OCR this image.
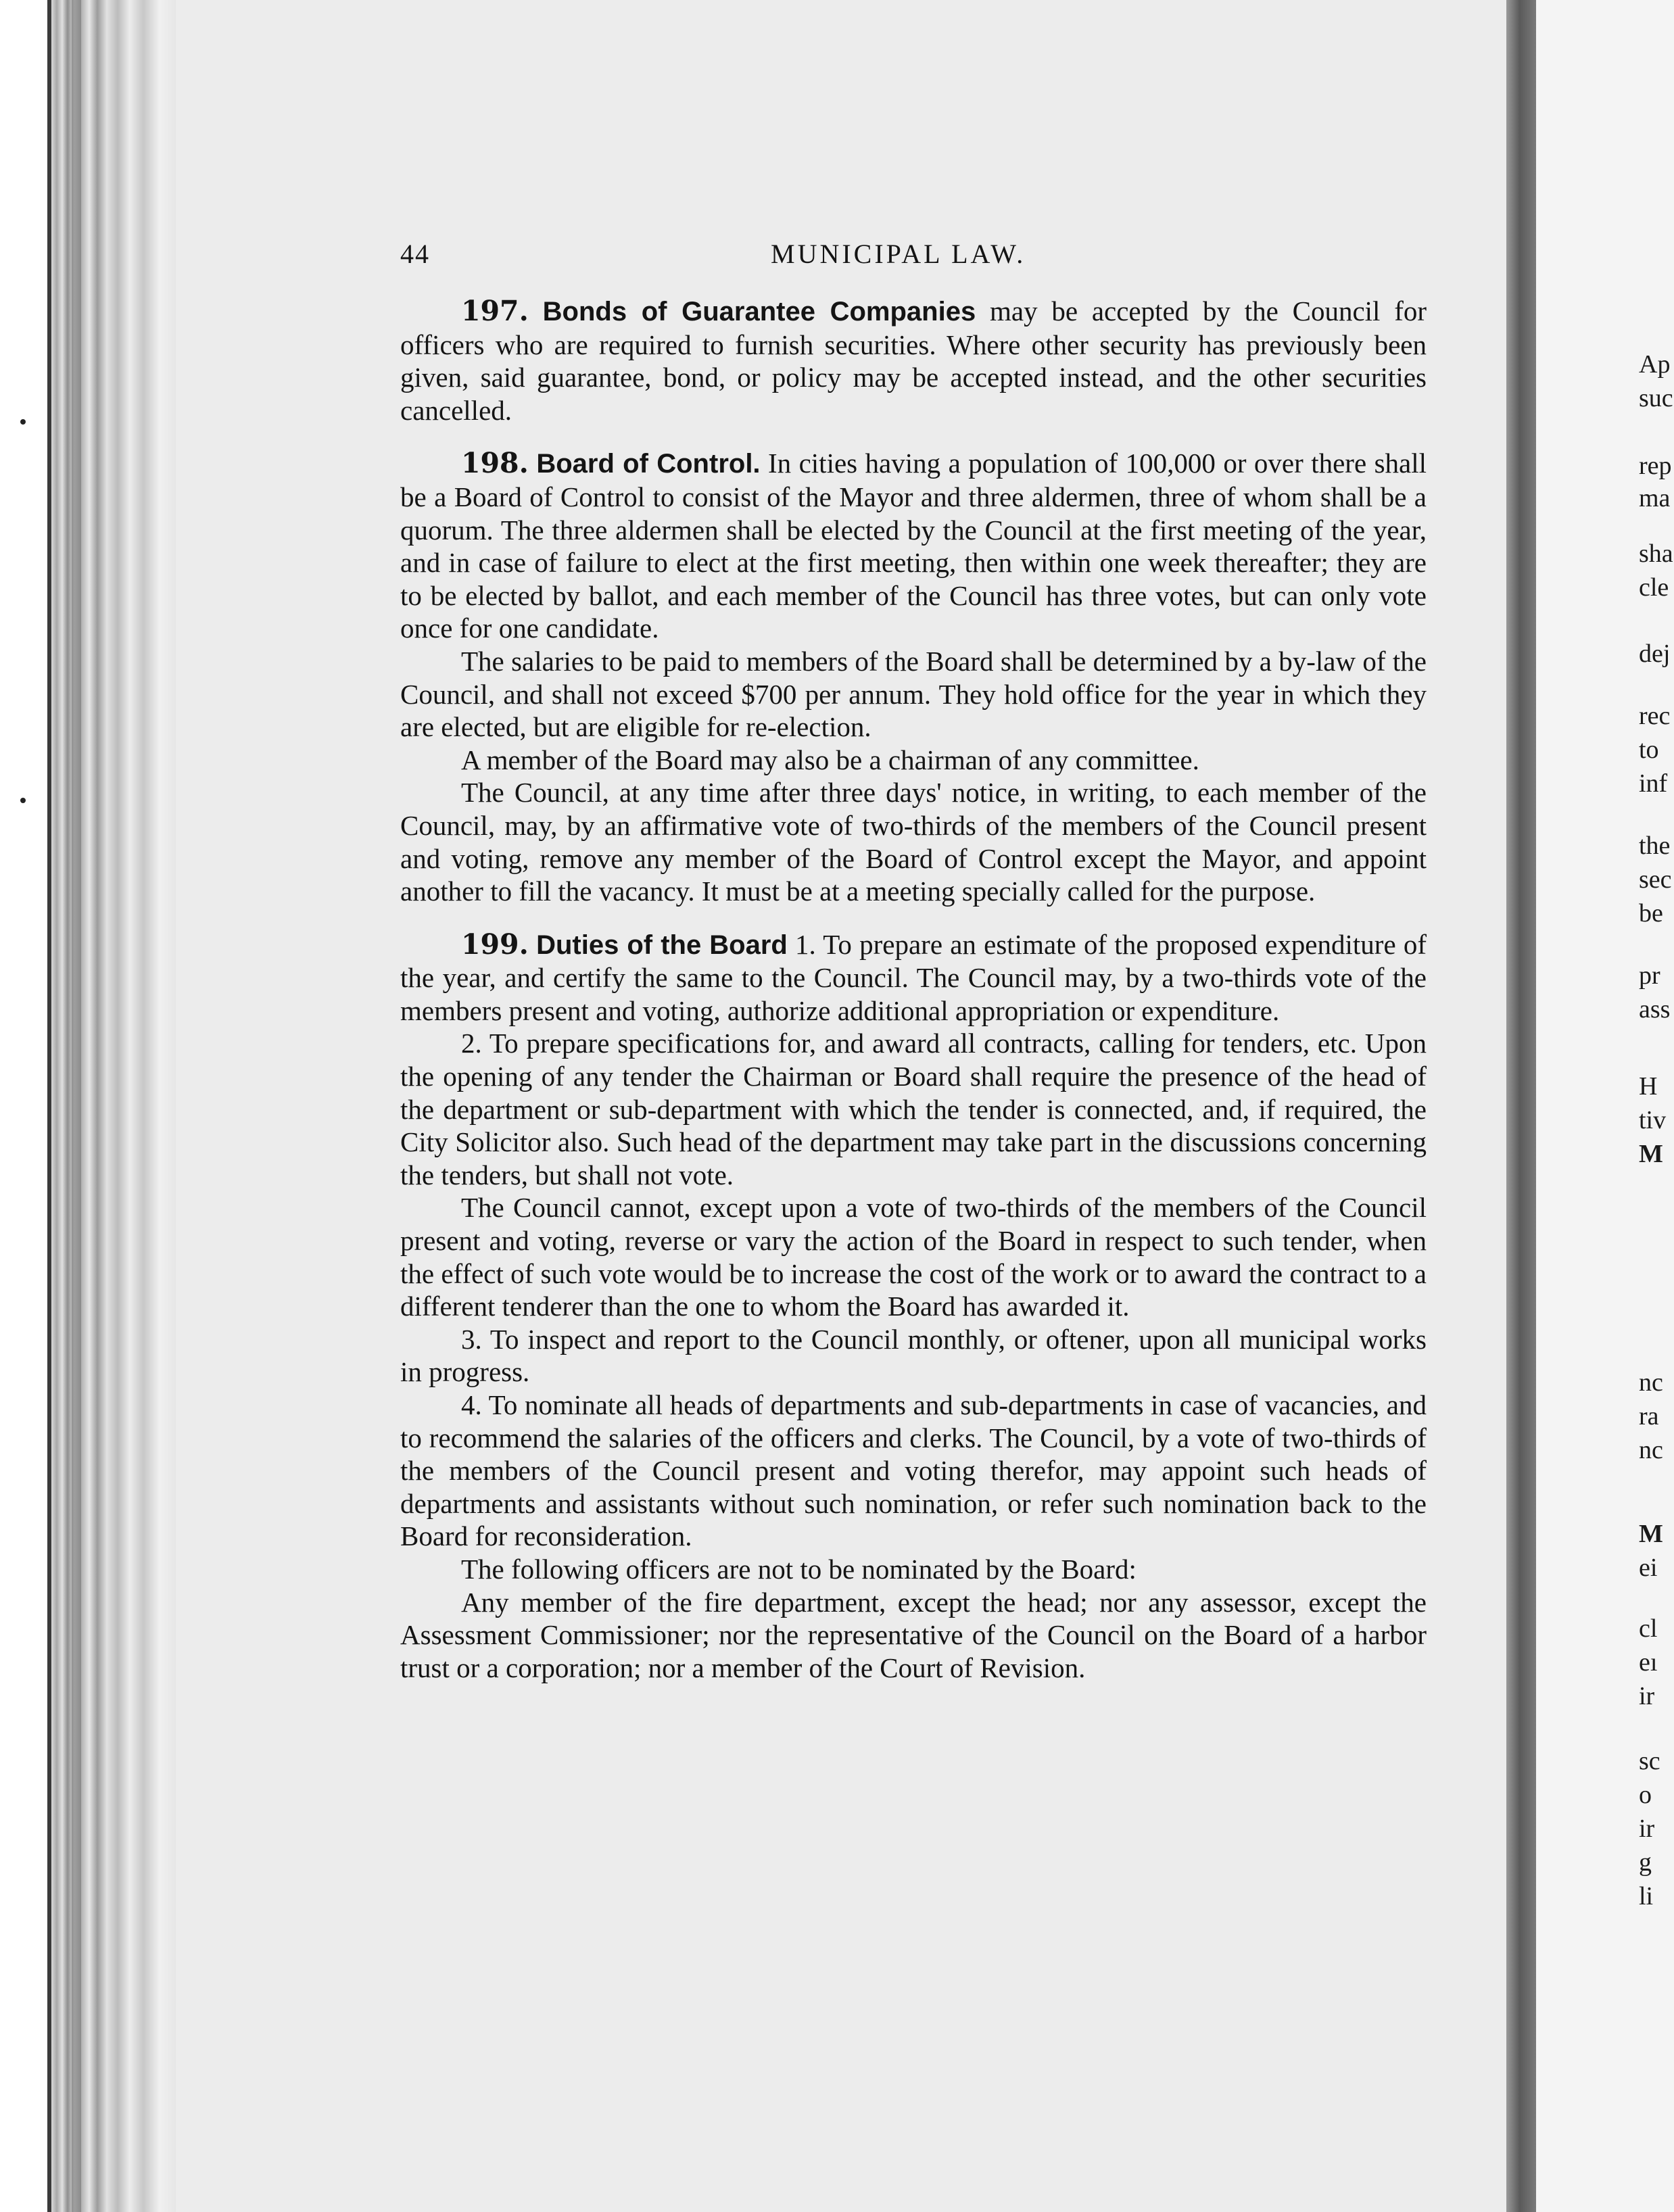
44	MUNICIPAL LAW.

197. Bonds of Guarantee Companies may be accepted by the Council for officers who are required to furnish securities. Where other security has previously been given, said guarantee, bond, or policy may be accepted instead, and the other securities cancelled.

198. Board of Control. In cities having a population of 100,000 or over there shall be a Board of Control to consist of the Mayor and three aldermen, three of whom shall be a quorum. The three aldermen shall be elected by the Council at the first meeting of the year, and in case of failure to elect at the first meeting, then within one week thereafter; they are to be elected by ballot, and each member of the Council has three votes, but can only vote once for one candidate.

The salaries to be paid to members of the Board shall be determined by a by-law of the Council, and shall not exceed $700 per annum. They hold office for the year in which they are elected, but are eligible for re-election.

A member of the Board may also be a chairman of any committee.

The Council, at any time after three days' notice, in writing, to each member of the Council, may, by an affirmative vote of two-thirds of the members of the Council present and voting, remove any member of the Board of Control except the Mayor, and appoint another to fill the vacancy. It must be at a meeting specially called for the purpose.

199. Duties of the Board 1. To prepare an estimate of the proposed expenditure of the year, and certify the same to the Council. The Council may, by a two-thirds vote of the members present and voting, authorize additional appropriation or expenditure.

2. To prepare specifications for, and award all contracts, calling for tenders, etc. Upon the opening of any tender the Chairman or Board shall require the presence of the head of the department or sub-department with which the tender is connected, and, if required, the City Solicitor also. Such head of the department may take part in the discussions concerning the tenders, but shall not vote.

The Council cannot, except upon a vote of two-thirds of the members of the Council present and voting, reverse or vary the action of the Board in respect to such tender, when the effect of such vote would be to increase the cost of the work or to award the contract to a different tenderer than the one to whom the Board has awarded it.

3. To inspect and report to the Council monthly, or oftener, upon all municipal works in progress.

4. To nominate all heads of departments and sub-departments in case of vacancies, and to recommend the salaries of the officers and clerks. The Council, by a vote of two-thirds of the members of the Council present and voting therefor, may appoint such heads of departments and assistants without such nomination, or refer such nomination back to the Board for reconsideration.

The following officers are not to be nominated by the Board:

Any member of the fire department, except the head; nor any assessor, except the Assessment Commissioner; nor the representative of the Council on the Board of a harbor trust or a corporation; nor a member of the Court of Revision.

Ap
suc
rep
ma
sha
cle
dej
rec
to
inf
the
sec
be
pr
ass
H
tiv
M
nc
ra
nc
M
ei
cl
eı
ir
sc
o
ir
g
li
